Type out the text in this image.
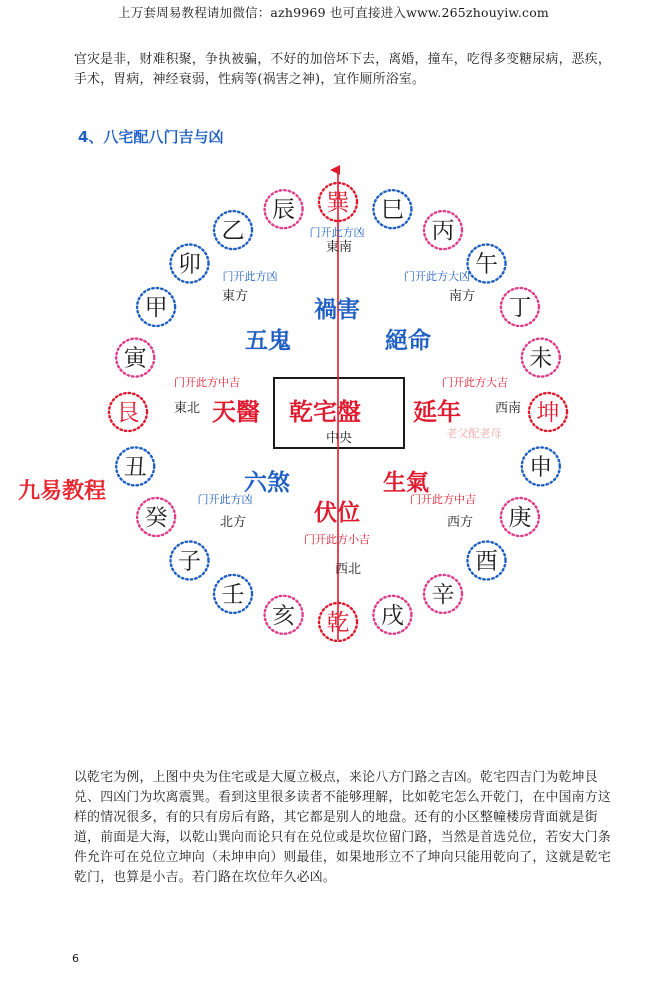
上万套周易教程请加微信：azh9969 也可直接进入www.265zhouyiw.com
官灾是非，财难积聚，争执被骗，不好的加倍坏下去，离婚，撞车，吃得多变糖尿病，恶疾，手术，胃病，神经衰弱，性病等(祸害之神)，宜作厕所浴室。
4、八宅配八门吉与凶
巽 巳
丙
午
丁
未
坤
申
庚
酉
辛
戌
乾
亥
壬
子
癸
丑
艮
寅
甲
卯
乙
辰
乾宅盤
中央
禍害
五鬼	絕命
天醫	延年
六煞	生氣
伏位
门开此方凶
门开此方凶	门开此方大凶
门开此方中吉	门开此方大吉
门开此方凶	门开此方中吉
门开此方小吉
東南
東方	南方
東北	西南
北方	西方
西北
老父配老母
九易教程
以乾宅为例，上图中央为住宅或是大厦立极点，来论八方门路之吉凶。乾宅四吉门为乾坤艮兑、四凶门为坎离震巽。看到这里很多读者不能够理解，比如乾宅怎么开乾门，在中国南方这样的情况很多，有的只有房后有路，其它都是别人的地盘。还有的小区整幢楼房背面就是街道，前面是大海，以乾山巽向而论只有在兑位或是坎位留门路，当然是首选兑位，若安大门条件允许可在兑位立坤向（未坤申向）则最佳，如果地形立不了坤向只能用乾向了，这就是乾宅乾门，也算是小吉。若门路在坎位年久必凶。
6
